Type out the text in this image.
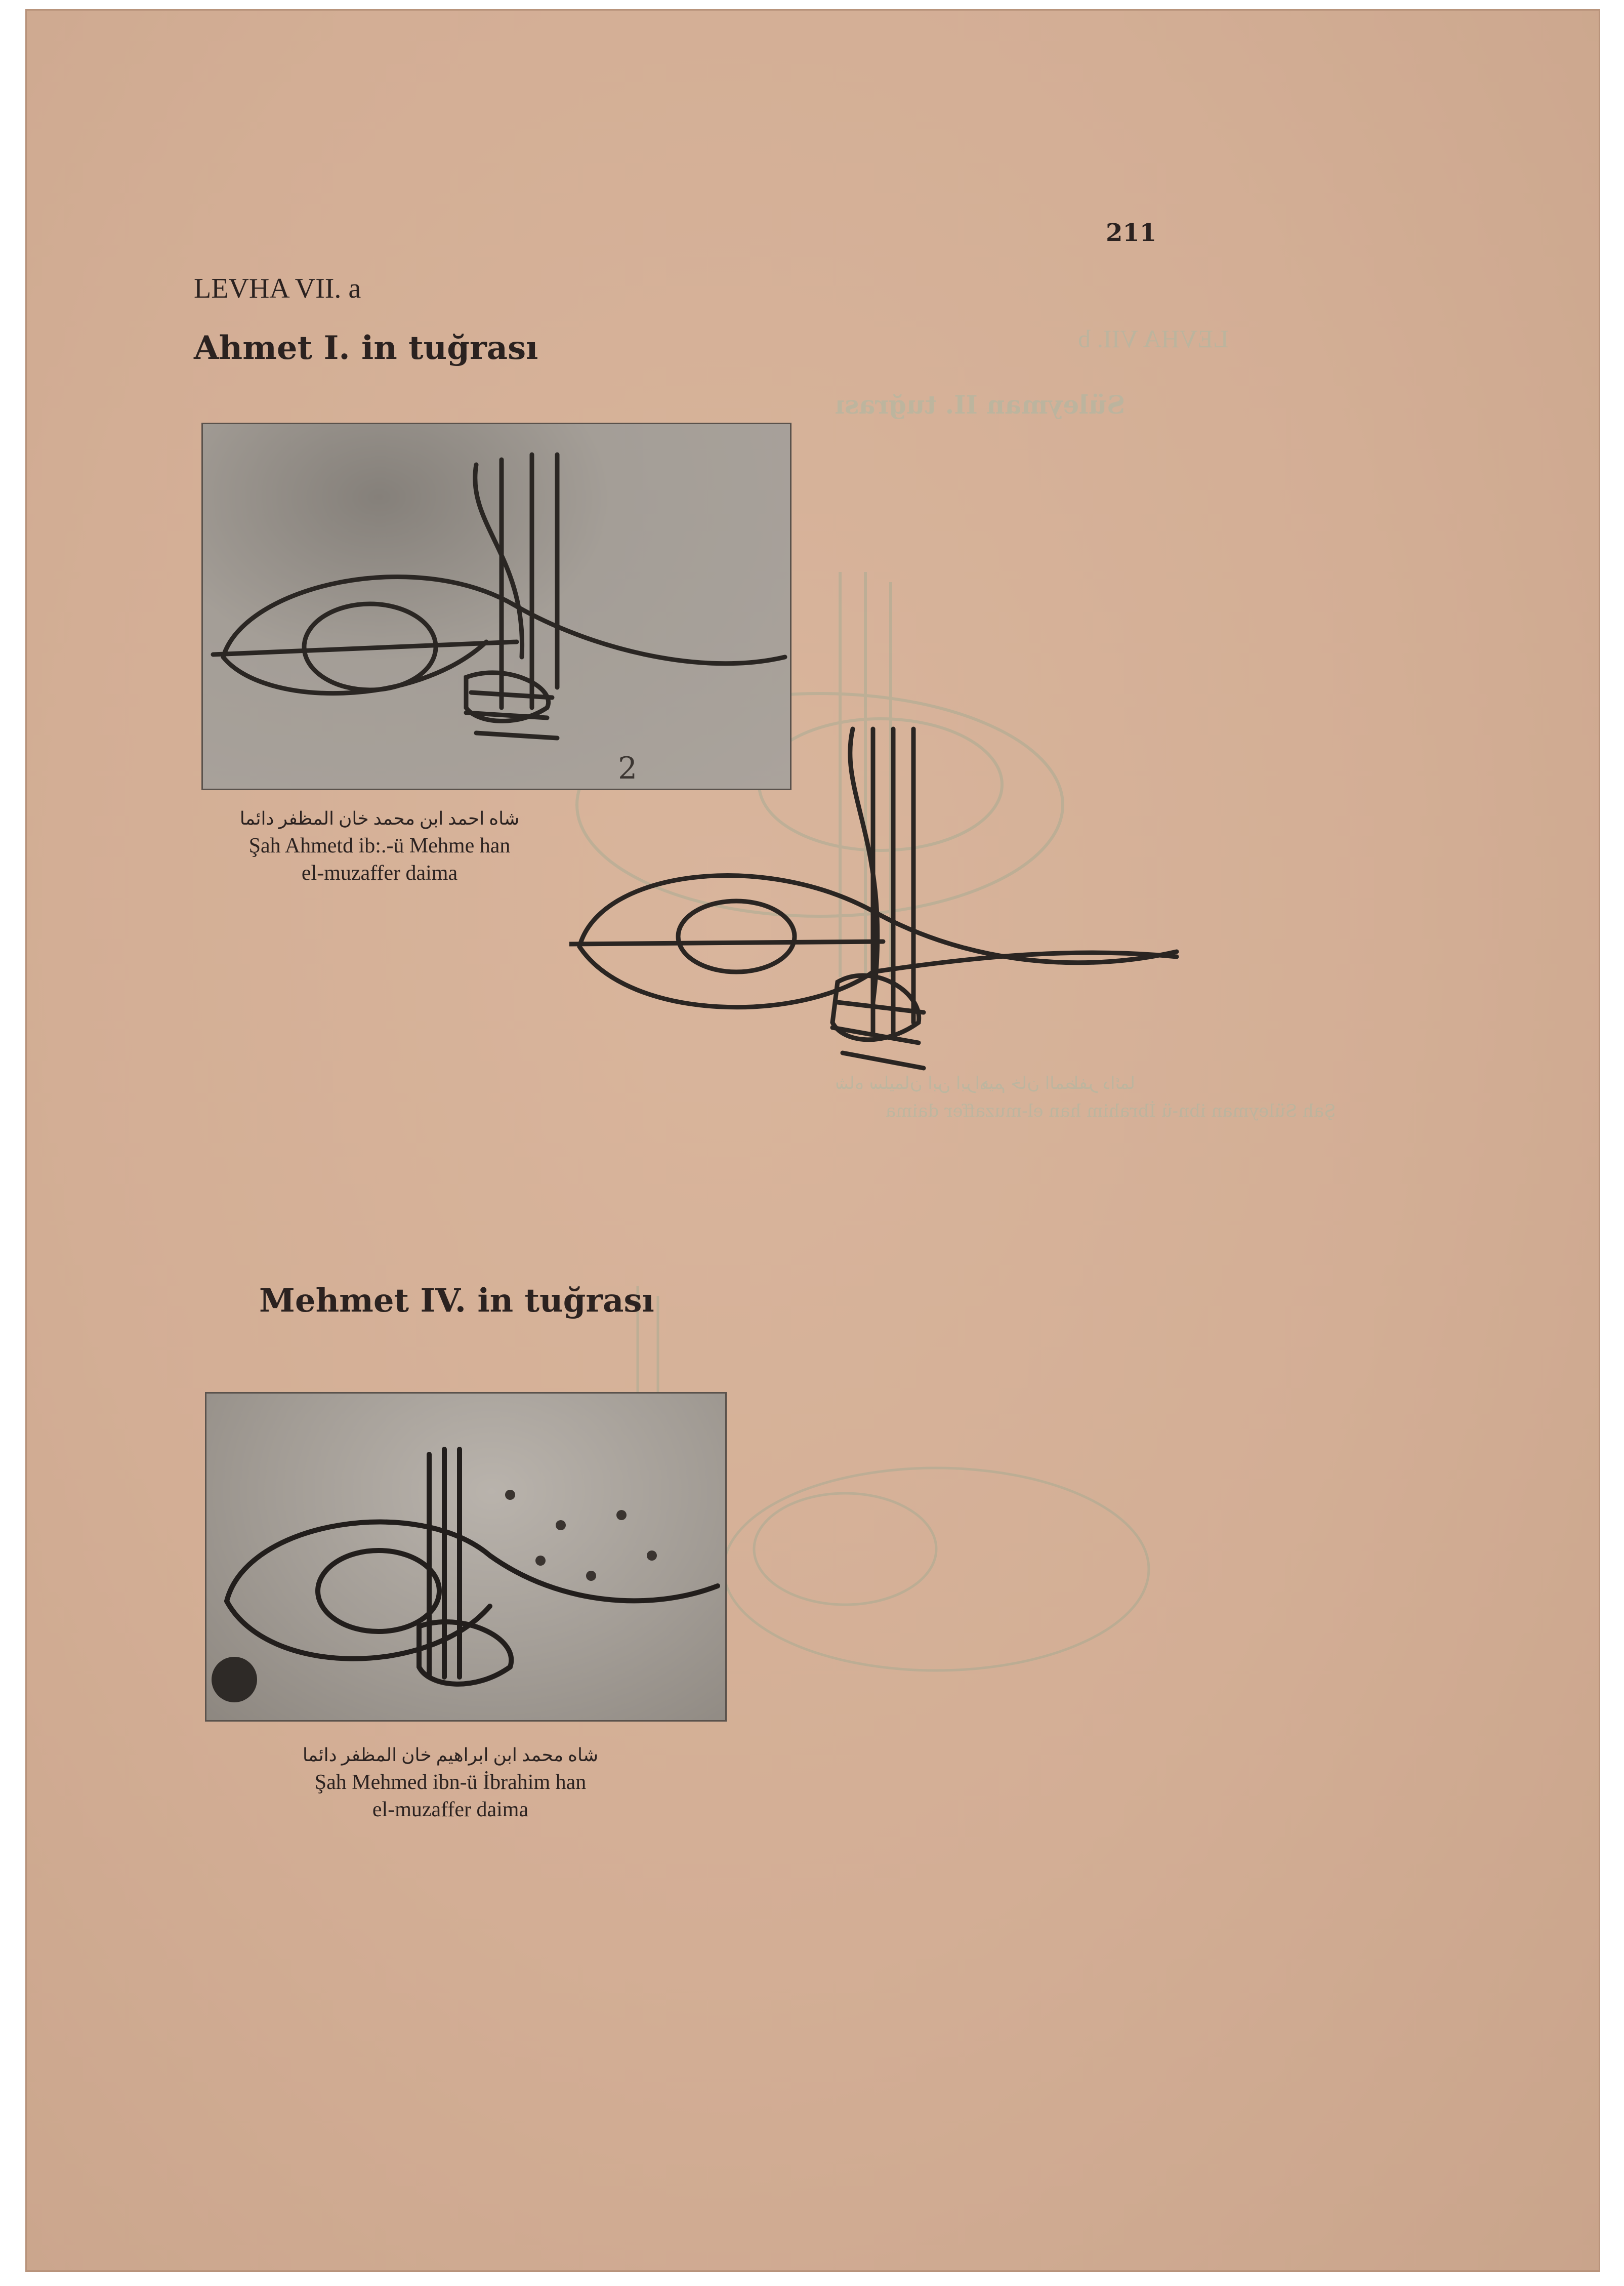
LEVHA VII. b
Süleyman II. tuğrası
شاه سلیمان ابن ابراهیم خان المظفر دائما
Şah Süleyman ibn-ü İbrahim han el-muzaffer daima
211
LEVHA VII. a
Ahmet I. in tuğrası
2
شاه احمد ابن محمد خان المظفر دائما
Şah Ahmetd ib:.-ü Mehme han
el-muzaffer daima
Mehmet IV. in tuğrası
شاه محمد ابن ابراهیم خان المظفر دائما
Şah Mehmed ibn-ü İbrahim han
el-muzaffer daima
